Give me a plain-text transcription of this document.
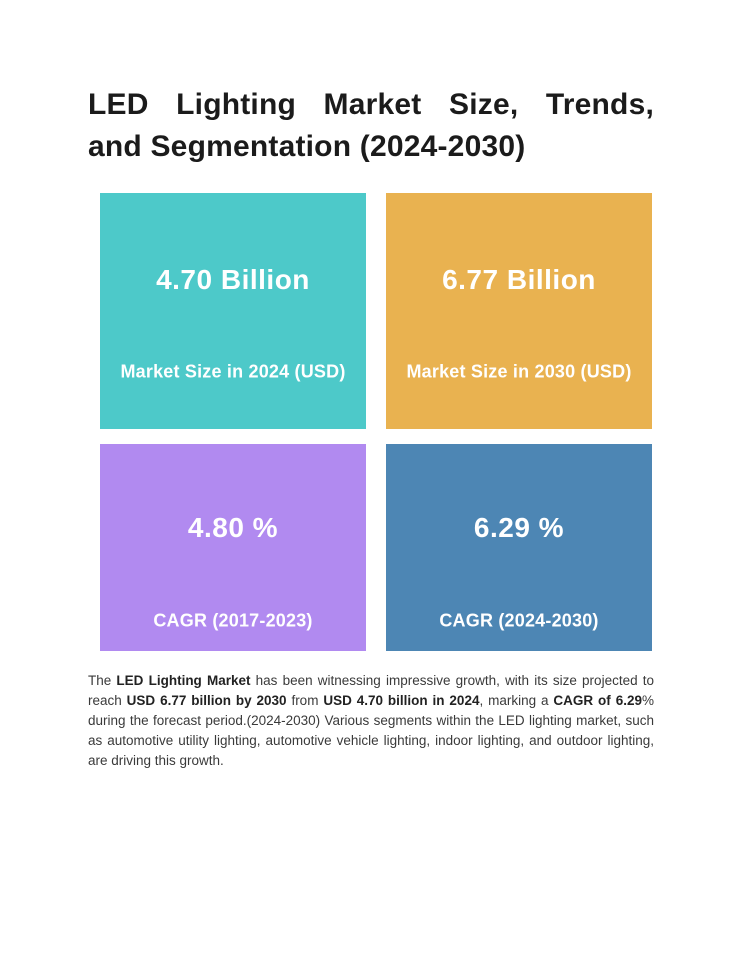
LED Lighting Market Size, Trends,
and Segmentation (2024-2030)
4.70 Billion
Market Size in 2024 (USD)
6.77 Billion
Market Size in 2030 (USD)
4.80 %
CAGR (2017-2023)
6.29 %
CAGR (2024-2030)

The LED Lighting Market has been witnessing impressive growth, with its size projected to reach USD 6.77 billion by 2030 from USD 4.70 billion in 2024, marking a CAGR of 6.29% during the forecast period.(2024-2030) Various segments within the LED lighting market, such as automotive utility lighting, automotive vehicle lighting, indoor lighting, and outdoor lighting, are driving this growth.
